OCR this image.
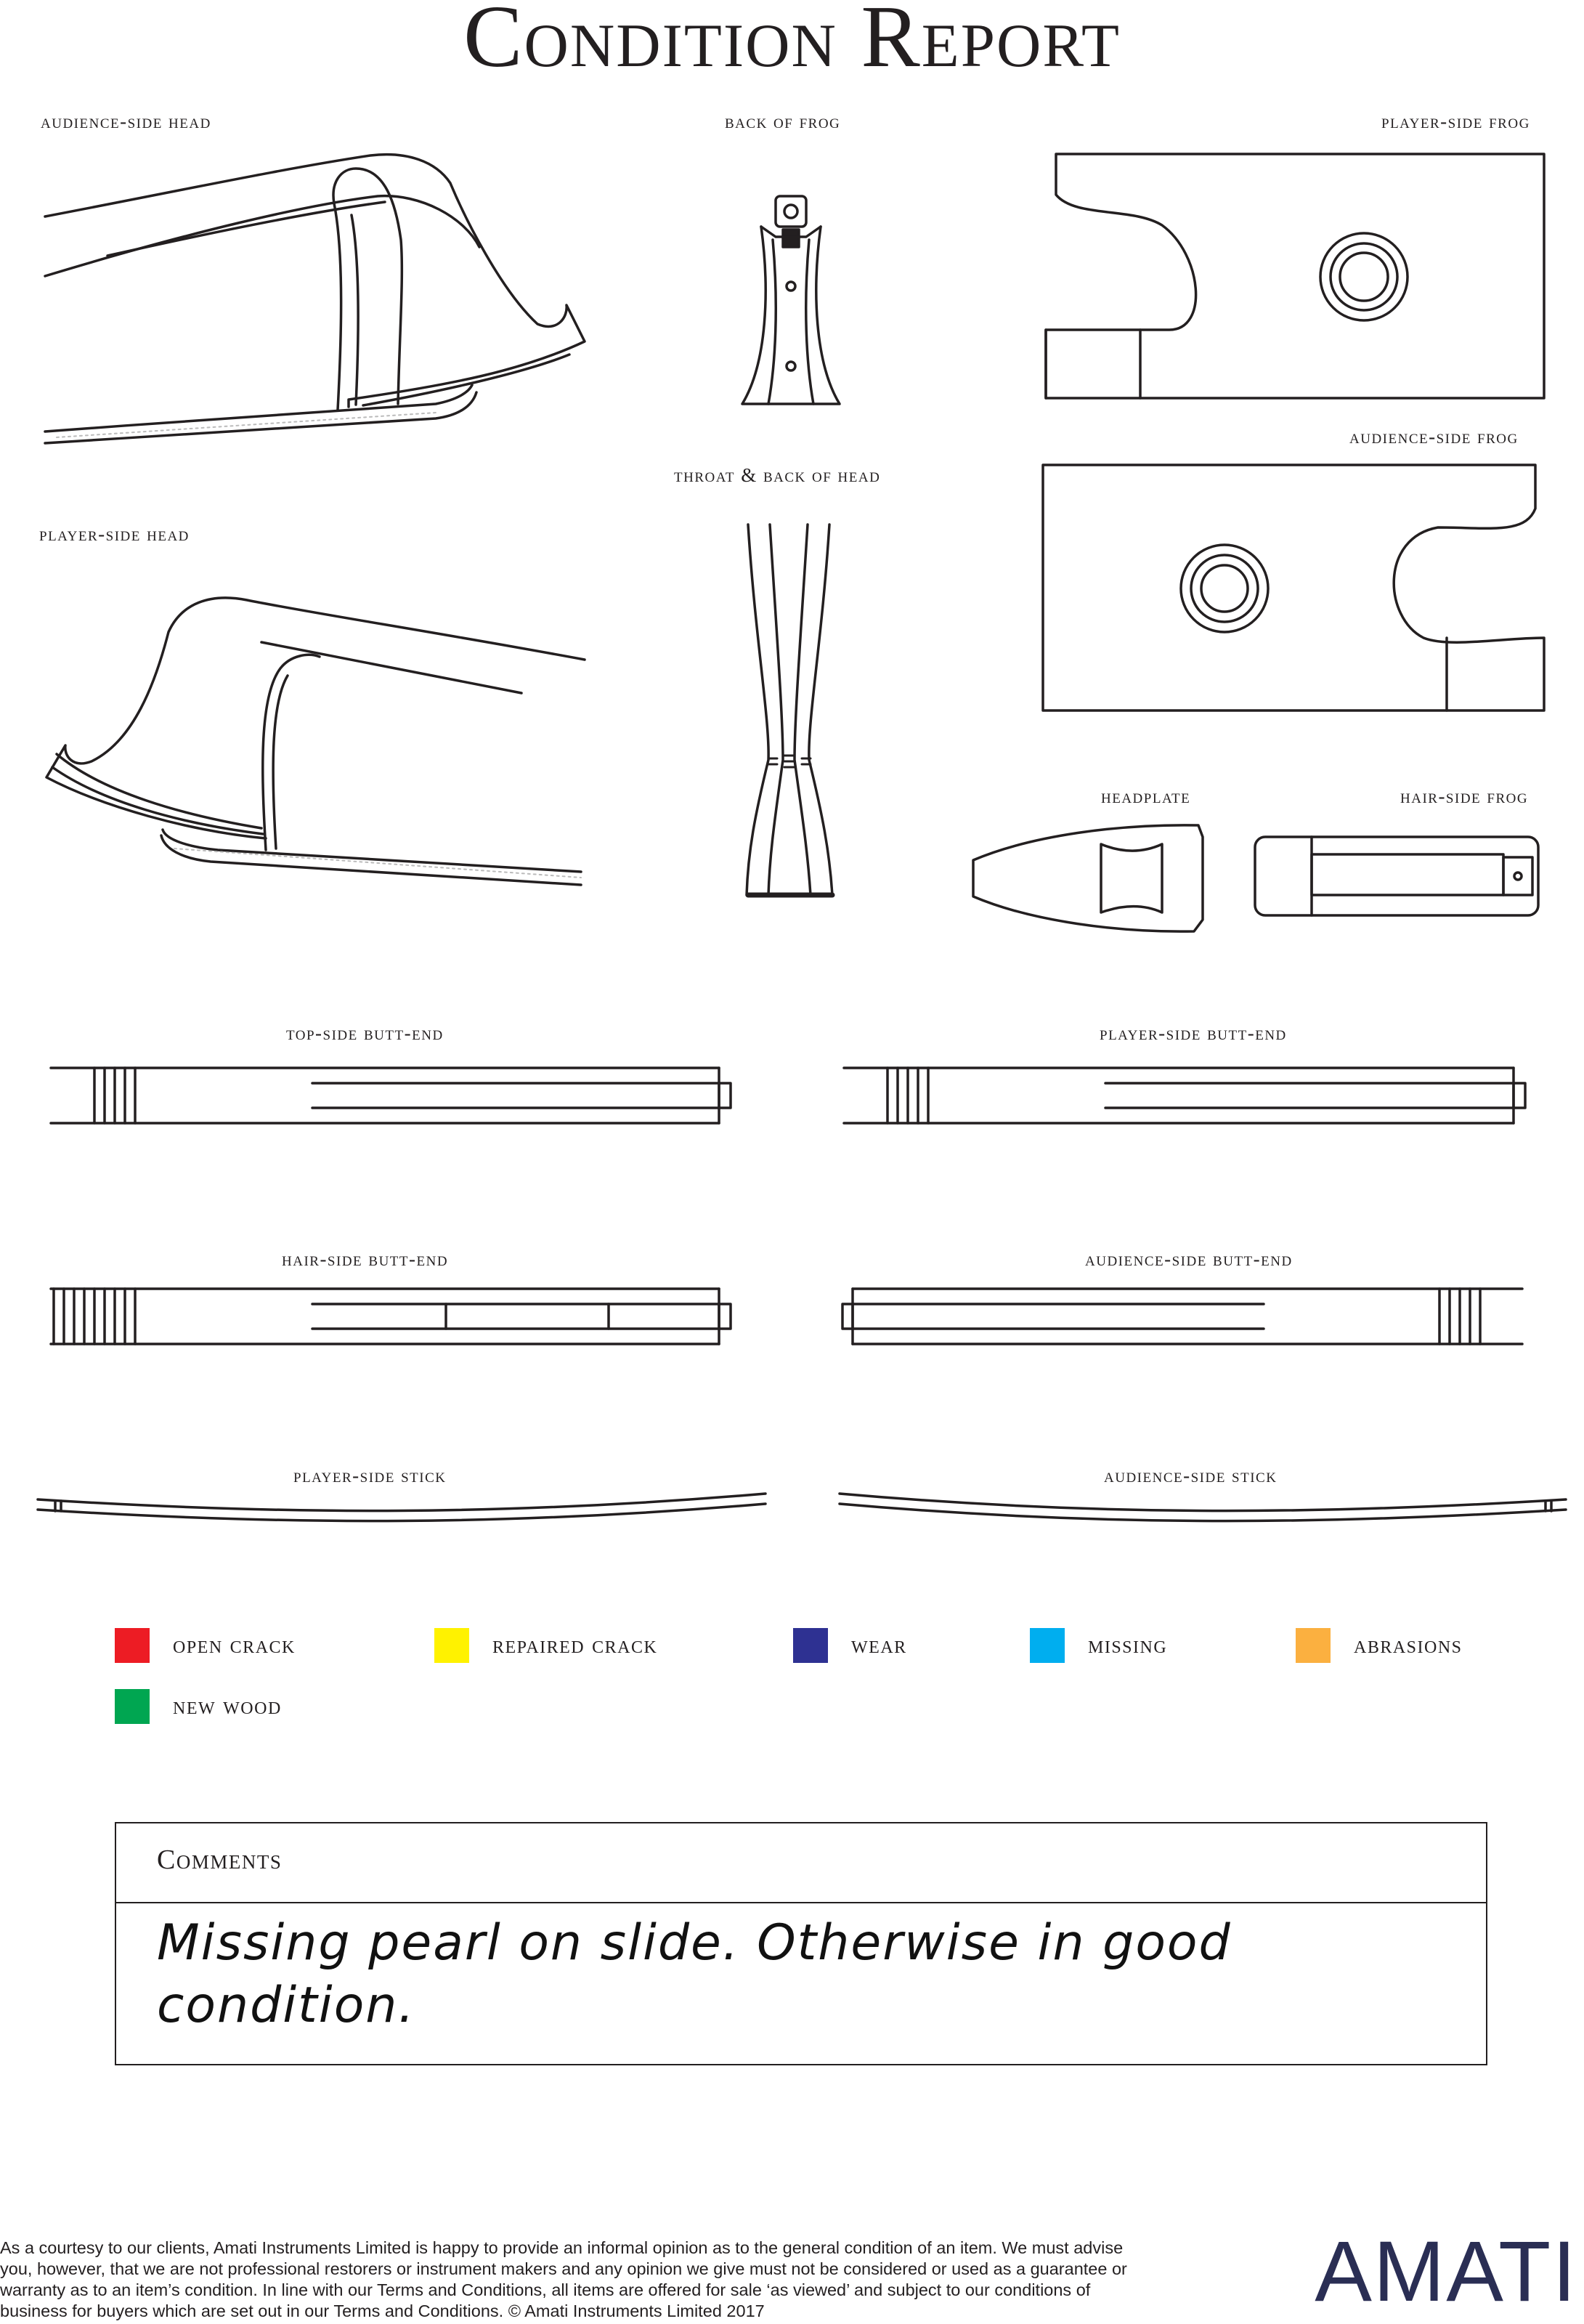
Condition Report
audience-side head	back of frog	player-side frog
audience-side frog
throat & back of head
player-side head
headplate	hair-side frog
top-side butt-end	player-side butt-end
hair-side butt-end	audience-side butt-end
player-side stick	audience-side stick
open crack	repaired crack	wear	missing	abrasions
new wood
Comments
Missing pearl on slide. Otherwise in good
condition.
As a courtesy to our clients, Amati Instruments Limited is happy to provide an informal opinion as to the general condition of an item. We must advise you, however, that we are not professional restorers or instrument makers and any opinion we give must not be considered or used as a guarantee or warranty as to an item’s condition. In line with our Terms and Conditions, all items are offered for sale ‘as viewed’ and subject to our conditions of business for buyers which are set out in our Terms and Conditions. © Amati Instruments Limited 2017	AMATI
